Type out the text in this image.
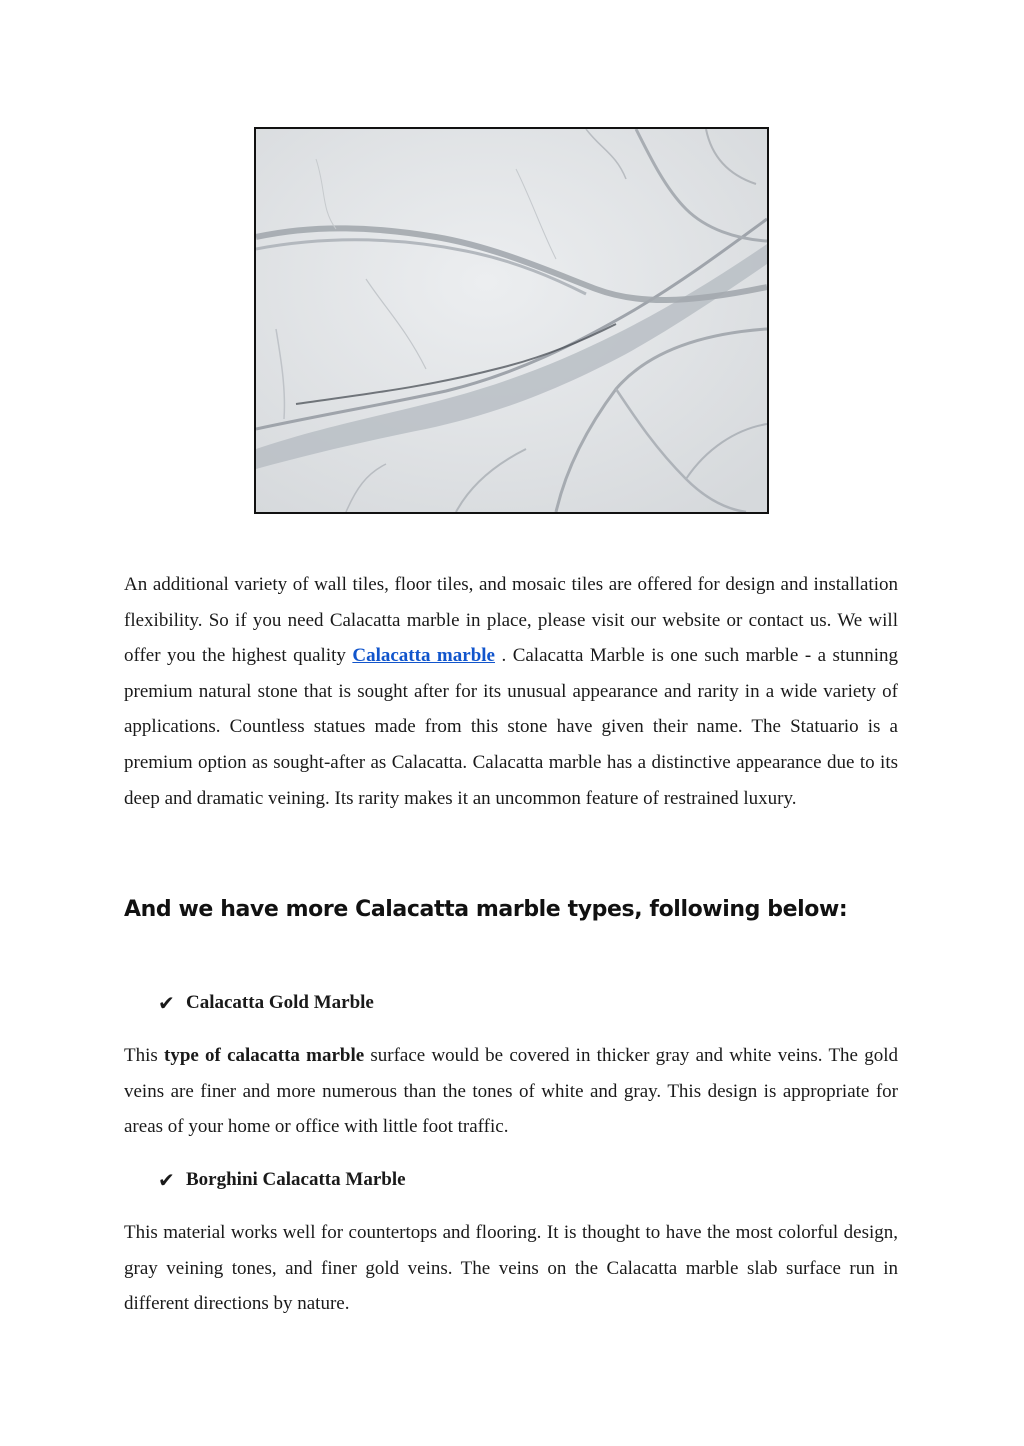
An additional variety of wall tiles, floor tiles, and mosaic tiles are offered for design and installation flexibility. So if you need Calacatta marble in place, please visit our website or contact us. We will offer you the highest quality Calacatta marble . Calacatta Marble is one such marble - a stunning premium natural stone that is sought after for its unusual appearance and rarity in a wide variety of applications. Countless statues made from this stone have given their name. The Statuario is a premium option as sought-after as Calacatta. Calacatta marble has a distinctive appearance due to its deep and dramatic veining. Its rarity makes it an uncommon feature of restrained luxury.

And we have more Calacatta marble types, following below:
✔ Calacatta Gold Marble

This type of calacatta marble surface would be covered in thicker gray and white veins. The gold veins are finer and more numerous than the tones of white and gray. This design is appropriate for areas of your home or office with little foot traffic.

✔ Borghini Calacatta Marble

This material works well for countertops and flooring. It is thought to have the most colorful design, gray veining tones, and finer gold veins. The veins on the Calacatta marble slab surface run in different directions by nature.
